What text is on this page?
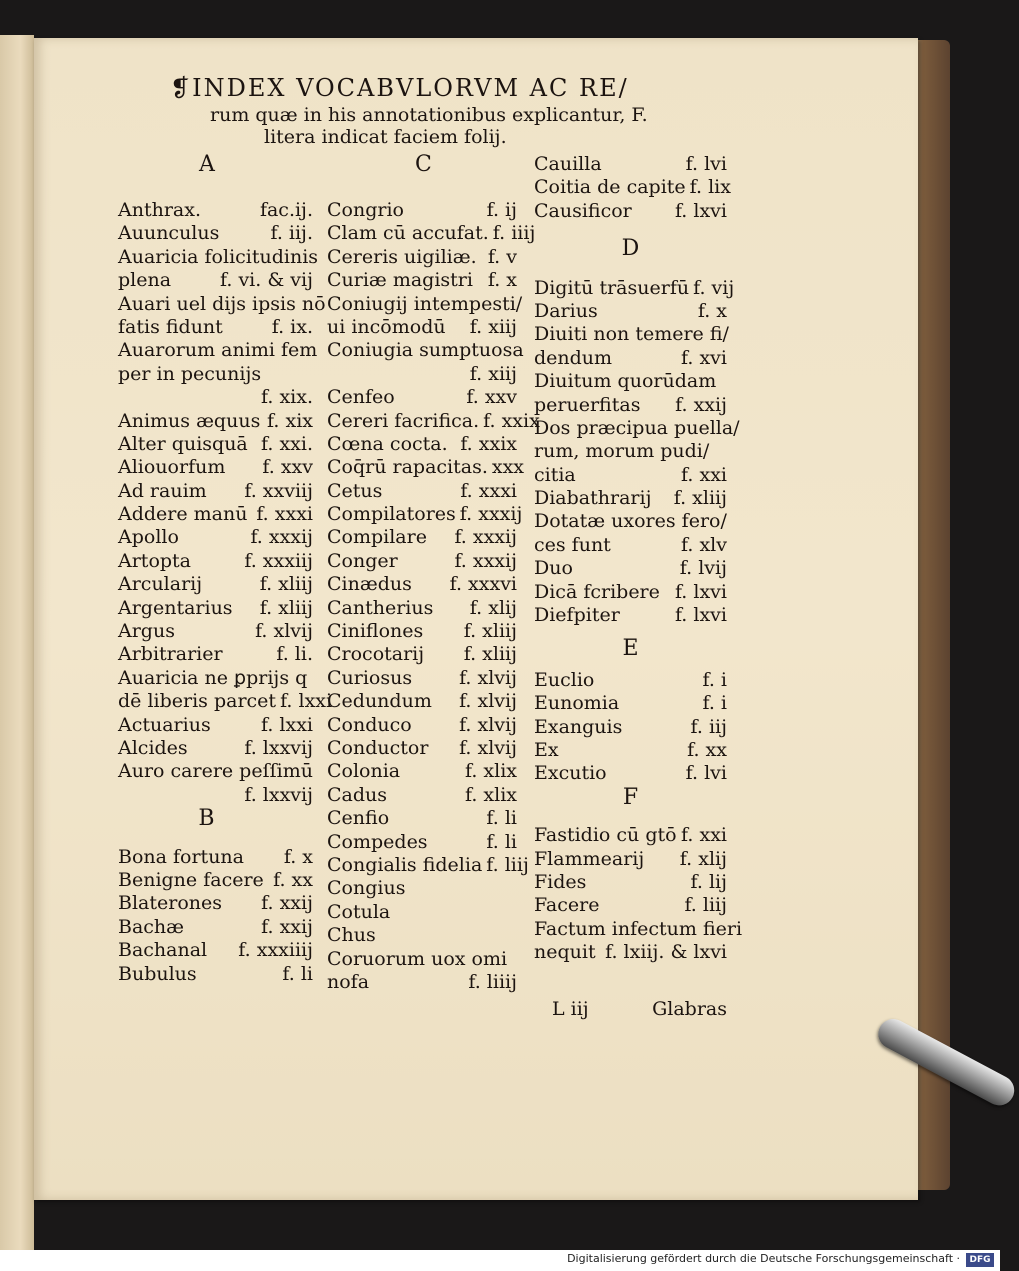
❡INDEX VOCABVLORVM AC RE/
rum quæ in his annotationibus explicantur, F.
litera indicat faciem folij.
A	C
Anthrax.	fac.ij.
Auunculus	f. iij.
Auaricia folicitudinis
plena	f. vi. & vij
Auari uel dijs ipsis nō
fatis fidunt	f. ix.
Auarorum animi fem
per in pecunijs
f. xix.
Animus æquus f. xix
Alter quisquā f. xxi.
Aliouorfum f. xxv
Ad rauim f. xxviij
Addere manū f. xxxi
Apollo	f. xxxij
Artopta	f. xxxiij
Arcularij	f. xliij
Argentarius f. xliij
Argus	f. xlvij
Arbitrarier	f. li.
Auaricia ne ꝑprijs q
dē liberis parcet f. lxxi
Actuarius	f. lxxi
Alcides	f. lxxvij
Auro carere peſſimū
f. lxxvij
B
Bona fortuna f. x
Benigne facere f. xx
Blaterones f. xxij
Bachæ	f. xxij
Bachanal f. xxxiiij
Bubulus	f. li
Congrio	f. ij
Clam cū accufat. f. iiij
Cereris uigiliæ. f. v
Curiæ magistri f. x
Coniugij intempesti/
ui incōmodū f. xiij
Coniugia sumptuosa
f. xiij
Cenfeo	f. xxv
Cereri facrifica. f. xxix
Cœna cocta. f. xxix
Coq̄rū rapacitas. xxx
Cetus	f. xxxi
Compilatores f. xxxij
Compilare f. xxxij
Conger	f. xxxij
Cinædus f. xxxvi
Cantherius f. xlij
Ciniflones f. xliij
Crocotarij f. xliij
Curiosus f. xlvij
Cedundum f. xlvij
Conduco f. xlvij
Conductor f. xlvij
Colonia	f. xlix
Cadus	f. xlix
Cenfio	f. li
Compedes	f. li
Congialis fidelia f. liij
Congius
Cotula
Chus
Coruorum uox omi
nofa	f. liiij
Cauilla	f. lvi
Coitia de capite f. lix
Causificor f. lxvi
D
Digitū trāsuerfū f. vij
Darius	f. x
Diuiti non temere fi/
dendum	f. xvi
Diuitum quorūdam
peruerfitas f. xxij
Dos præcipua puella/
rum, morum pudi/
citia	f. xxi
Diabathrarij f. xliij
Dotatæ uxores fero/
ces funt	f. xlv
Duo	f. lvij
Dicā fcribere f. lxvi
Diefpiter	f. lxvi
E
Euclio	f. i
Eunomia	f. i
Exanguis	f. iij
Ex	f. xx
Excutio	f. lvi
F
Fastidio cū gtō f. xxi
Flammearij f. xlij
Fides	f. lij
Facere	f. liij
Factum infectum fieri
nequit f. lxiij. & lxvi
L iij	Glabras
Digitalisierung gefördert durch die Deutsche Forschungsgemeinschaft ·	DFG
